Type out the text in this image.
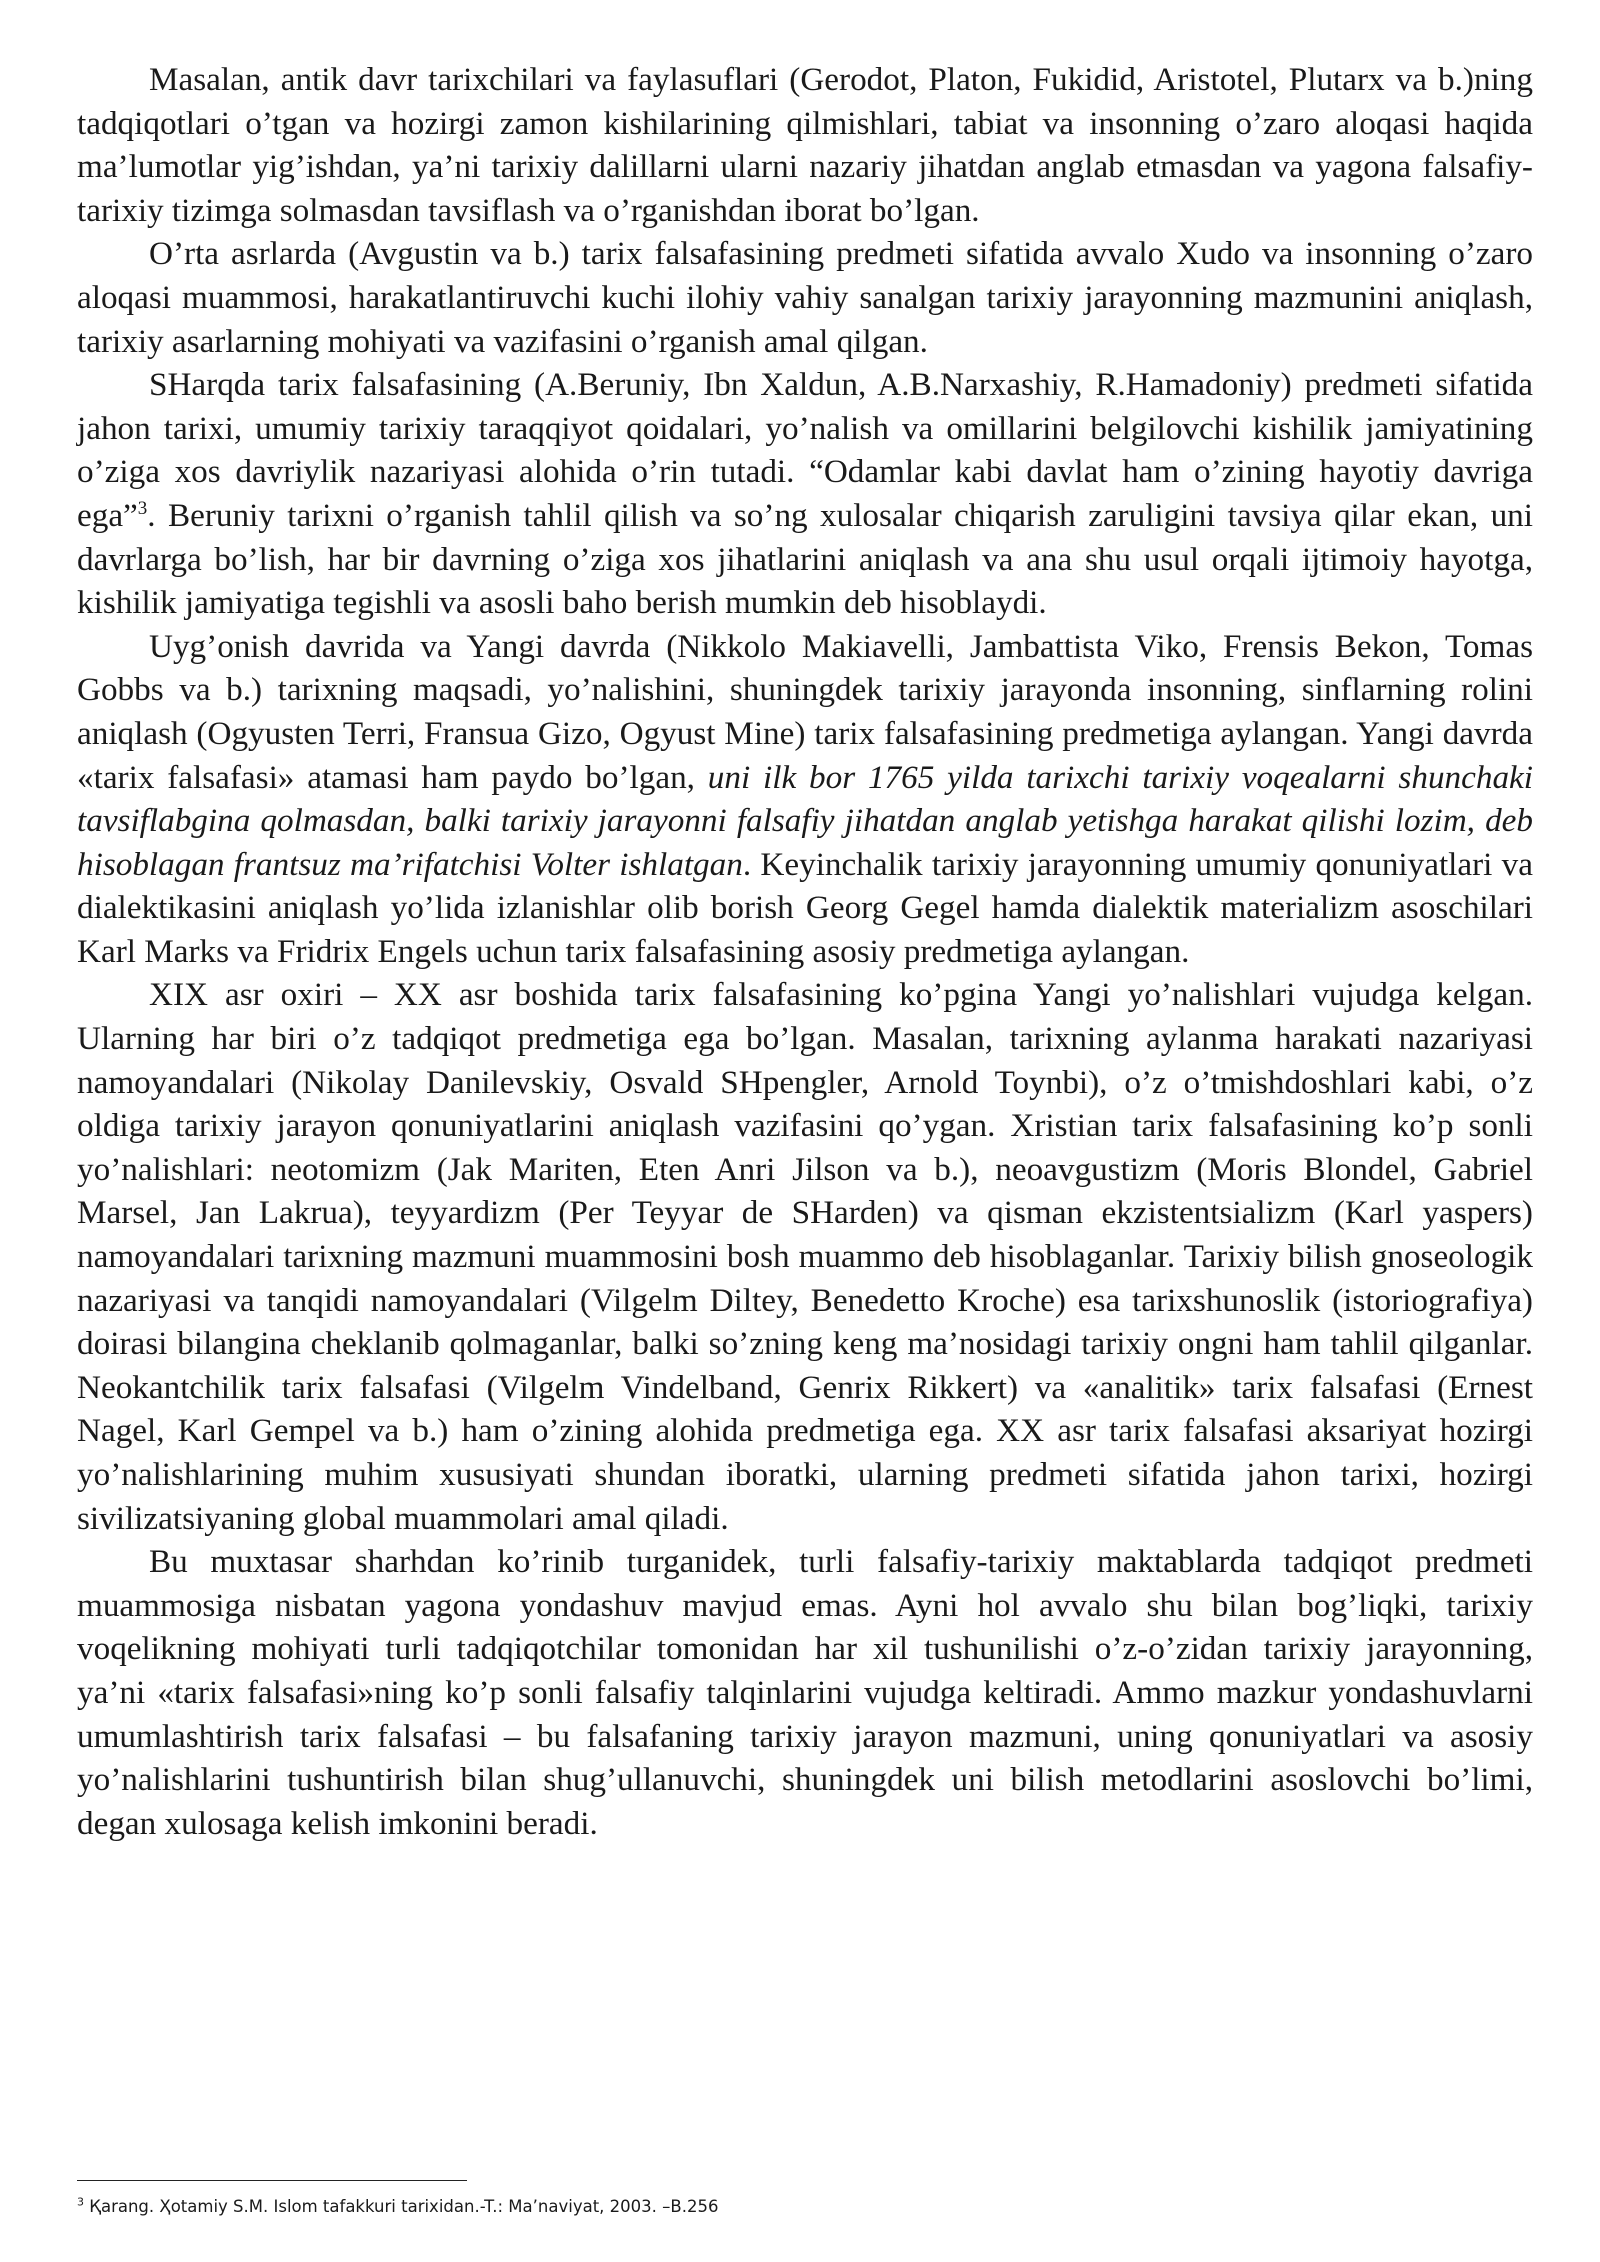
Masalan, antik davr tarixchilari va faylasuflari (Gerodot, Platon, Fukidid, Aristotel, Plutarx va b.)ning tadqiqotlari o’tgan va hozirgi zamon kishilarining qilmishlari, tabiat va insonning o’zaro aloqasi haqida ma’lumotlar yig’ishdan, ya’ni tarixiy dalillarni ularni nazariy jihatdan anglab etmasdan va yagona falsafiy-tarixiy tizimga solmasdan tavsiflash va o’rganishdan iborat bo’lgan.

O’rta asrlarda (Avgustin va b.) tarix falsafasining predmeti sifatida avvalo Xudo va insonning o’zaro aloqasi muammosi, harakatlantiruvchi kuchi ilohiy vahiy sanalgan tarixiy jarayonning mazmunini aniqlash, tarixiy asarlarning mohiyati va vazifasini o’rganish amal qilgan.

SHarqda tarix falsafasining (A.Beruniy, Ibn Xaldun, A.B.Narxashiy, R.Hamadoniy) predmeti sifatida jahon tarixi, umumiy tarixiy taraqqiyot qoidalari, yo’nalish va omillarini belgilovchi kishilik jamiyatining o’ziga xos davriylik nazariyasi alohida o’rin tutadi. “Odamlar kabi davlat ham o’zining hayotiy davriga ega”$^3$. Beruniy tarixni o’rganish tahlil qilish va so’ng xulosalar chiqarish zaruligini tavsiya qilar ekan, uni davrlarga bo’lish, har bir davrning o’ziga xos jihatlarini aniqlash va ana shu usul orqali ijtimoiy hayotga, kishilik jamiyatiga tegishli va asosli baho berish mumkin deb hisoblaydi.

Uyg’onish davrida va Yangi davrda (Nikkolo Makiavelli, Jambattista Viko, Frensis Bekon, Tomas Gobbs va b.) tarixning maqsadi, yo’nalishini, shuningdek tarixiy jarayonda insonning, sinflarning rolini aniqlash (Ogyusten Terri, Fransua Gizo, Ogyust Mine) tarix falsafasining predmetiga aylangan. Yangi davrda «tarix falsafasi» atamasi ham paydo bo’lgan, uni ilk bor 1765 yilda tarixchi tarixiy voqealarni shunchaki tavsiflabgina qolmasdan, balki tarixiy jarayonni falsafiy jihatdan anglab yetishga harakat qilishi lozim, deb hisoblagan frantsuz ma’rifatchisi Volter ishlatgan. Keyinchalik tarixiy jarayonning umumiy qonuniyatlari va dialektikasini aniqlash yo’lida izlanishlar olib borish Georg Gegel hamda dialektik materializm asoschilari Karl Marks va Fridrix Engels uchun tarix falsafasining asosiy predmetiga aylangan.

XIX asr oxiri – XX asr boshida tarix falsafasining ko’pgina Yangi yo’nalishlari vujudga kelgan. Ularning har biri o’z tadqiqot predmetiga ega bo’lgan. Masalan, tarixning aylanma harakati nazariyasi namoyandalari (Nikolay Danilevskiy, Osvald SHpengler, Arnold Toynbi), o’z o’tmishdoshlari kabi, o’z oldiga tarixiy jarayon qonuniyatlarini aniqlash vazifasini qo’ygan. Xristian tarix falsafasining ko’p sonli yo’nalishlari: neotomizm (Jak Mariten, Eten Anri Jilson va b.), neoavgustizm (Moris Blondel, Gabriel Marsel, Jan Lakrua), teyyardizm (Per Teyyar de SHarden) va qisman ekzistentsializm (Karl yaspers) namoyandalari tarixning mazmuni muammosini bosh muammo deb hisoblaganlar. Tarixiy bilish gnoseologik nazariyasi va tanqidi namoyandalari (Vilgelm Diltey, Benedetto Kroche) esa tarixshunoslik (istoriografiya) doirasi bilangina cheklanib qolmaganlar, balki so’zning keng ma’nosidagi tarixiy ongni ham tahlil qilganlar. Neokantchilik tarix falsafasi (Vilgelm Vindelband, Genrix Rikkert) va «analitik» tarix falsafasi (Ernest Nagel, Karl Gempel va b.) ham o’zining alohida predmetiga ega. XX asr tarix falsafasi aksariyat hozirgi yo’nalishlarining muhim xususiyati shundan iboratki, ularning predmeti sifatida jahon tarixi, hozirgi sivilizatsiyaning global muammolari amal qiladi.

Bu muxtasar sharhdan ko’rinib turganidek, turli falsafiy-tarixiy maktablarda tadqiqot predmeti muammosiga nisbatan yagona yondashuv mavjud emas. Ayni hol avvalo shu bilan bog’liqki, tarixiy voqelikning mohiyati turli tadqiqotchilar tomonidan har xil tushunilishi o’z-o’zidan tarixiy jarayonning, ya’ni «tarix falsafasi»ning ko’p sonli falsafiy talqinlarini vujudga keltiradi. Ammo mazkur yondashuvlarni umumlashtirish tarix falsafasi – bu falsafaning tarixiy jarayon mazmuni, uning qonuniyatlari va asosiy yo’nalishlarini tushuntirish bilan shug’ullanuvchi, shuningdek uni bilish metodlarini asoslovchi bo’limi, degan xulosaga kelish imkonini beradi.

$^3$ Қarang. Ҳotamiy S.M. Islom tafakkuri tarixidan.-T.: Ma’naviyat, 2003. –B.256
